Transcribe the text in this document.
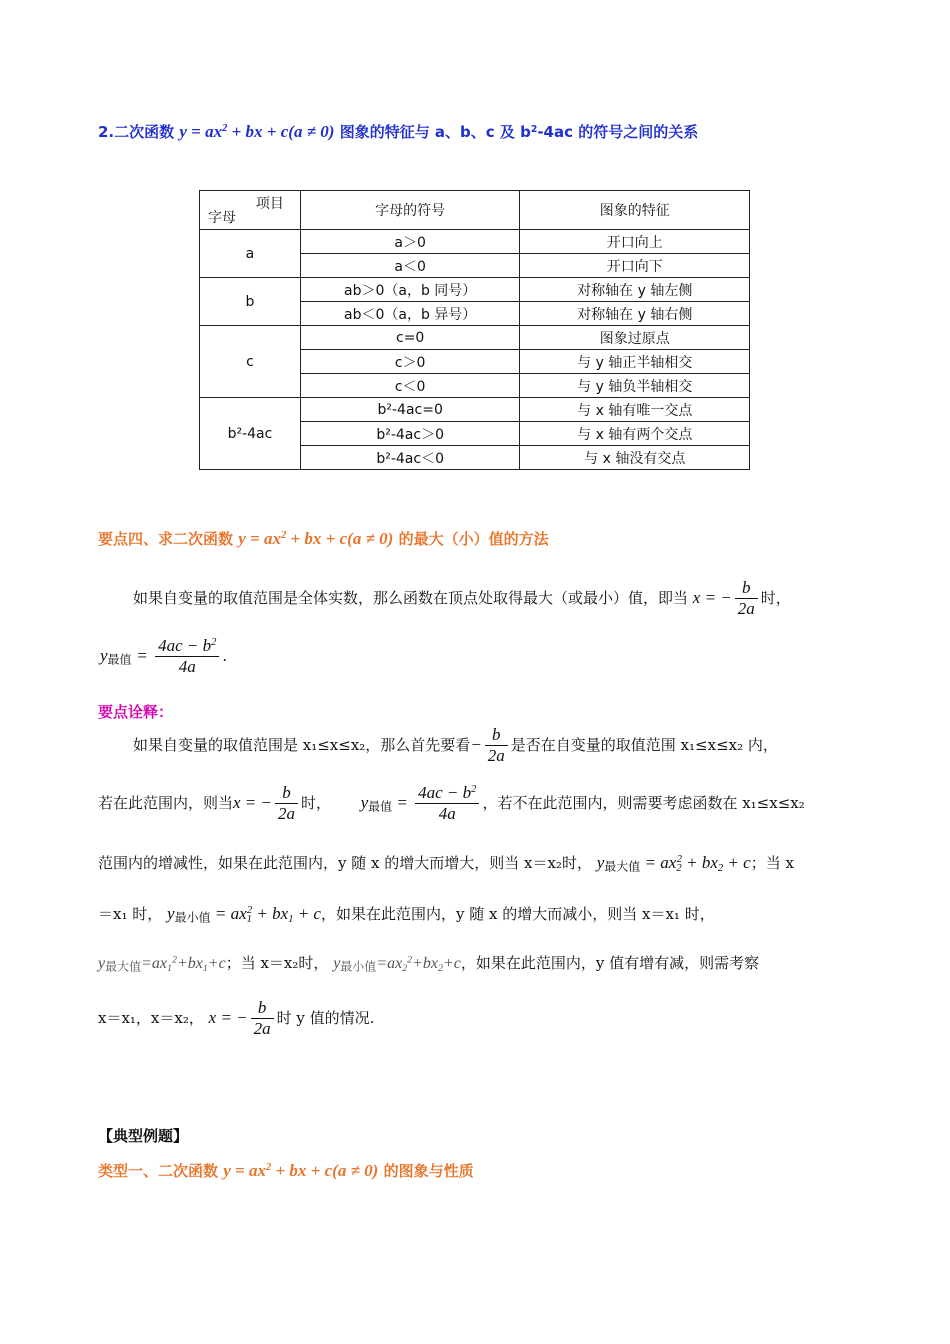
2.二次函数 $y = ax^2$ + bx + c(a ≠ 0) 图象的特征与 a、b、c 及 $b^2-4ac$ 的符号之间的关系
项目
字母	字母的符号	图象的特征
a	a＞0	开口向上
	a＜0	开口向下
b	ab＞0（a，b 同号）	对称轴在 y 轴左侧
	ab＜0（a，b 异号）	对称轴在 y 轴右侧
c	c=0	图象过原点
	c＞0	与 y 轴正半轴相交
	c＜0	与 y 轴负半轴相交
b²-4ac	b²-4ac=0	与 x 轴有唯一交点
	b²-4ac＞0	与 x 轴有两个交点
	b²-4ac＜0	与 x 轴没有交点
要点四、求二次函数 $y = ax^2$ + bx + c(a ≠ 0) 的最大（小）值的方法
如果自变量的取值范围是全体实数，那么函数在顶点处取得最大（或最小）值，即当 x = − $\frac{b}{2a}$ 时，
y最值 = $\frac{4ac - b^2}{4a}$ .
要点诠释：
如果自变量的取值范围是 x₁≤x≤x₂，那么首先要看− $\frac{b}{2a}$ 是否在自变量的取值范围 x₁≤x≤x₂ 内，
若在此范围内，则当x = − $\frac{b}{2a}$ 时， y最值 = $\frac{4ac - b^2}{4a}$ ，若不在此范围内，则需要考虑函数在 x₁≤x≤x₂
范围内的增减性，如果在此范围内，y 随 x 的增大而增大，则当 x＝x₂时， y最大值 = $ax2^2 + bx2 + c$；当 x
＝x₁ 时， y最小值 = $ax1^2 + bx1 + c$，如果在此范围内，y 随 x 的增大而减小，则当 x＝x₁ 时，
y最大值$=ax1^2+bx1+c$；当 x＝x₂时， y最小值$=ax2^2+bx2+c$，如果在此范围内，y 值有增有减，则需考察
x＝x₁，x＝x₂， x = − $\frac{b}{2a}$ 时 y 值的情况.
【典型例题】
类型一、二次函数 $y = ax^2$ + bx + c(a ≠ 0) 的图象与性质
